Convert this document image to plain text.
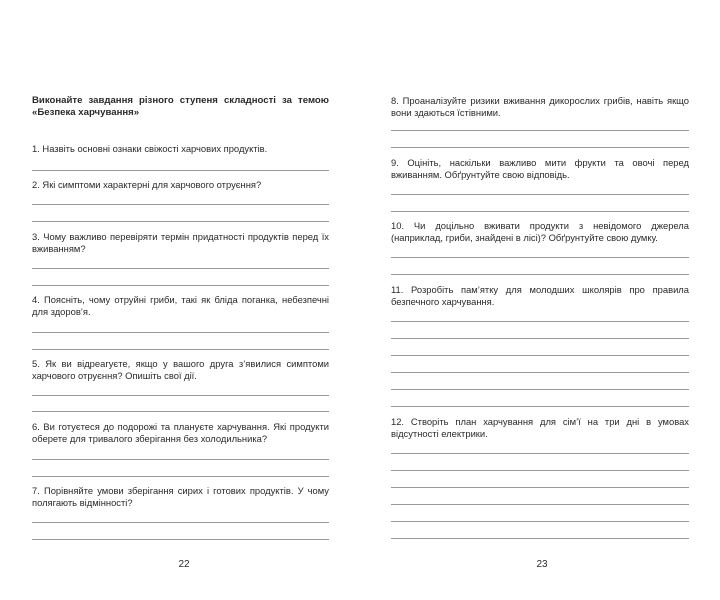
Виконайте завдання різного ступеня складності за темою «Безпека харчування»
1. Назвіть основні ознаки свіжості харчових продуктів.
2. Які симптоми характерні для харчового отруєння?
3. Чому важливо перевіряти термін придатності продуктів перед їх вживанням?
4. Поясніть, чому отруйні гриби, такі як бліда поганка, небезпечні для здоров’я.
5. Як ви відреагуєте, якщо у вашого друга з’явилися симптоми харчового отруєння? Опишіть свої дії.
6. Ви готуєтеся до подорожі та плануєте харчування. Які продукти оберете для тривалого зберігання без холодильника?
7. Порівняйте умови зберігання сирих і готових продуктів. У чому полягають відмінності?
22
8. Проаналізуйте ризики вживання дикорослих грибів, навіть якщо вони здаються їстівними.
9. Оцініть, наскільки важливо мити фрукти та овочі перед вживанням. Обґрунтуйте свою відповідь.
10. Чи доцільно вживати продукти з невідомого джерела (наприклад, гриби, знайдені в лісі)? Обґрунтуйте свою думку.
11. Розробіть пам’ятку для молодших школярів про правила безпечного харчування.
12. Створіть план харчування для сім’ї на три дні в умовах відсутності електрики.
23
